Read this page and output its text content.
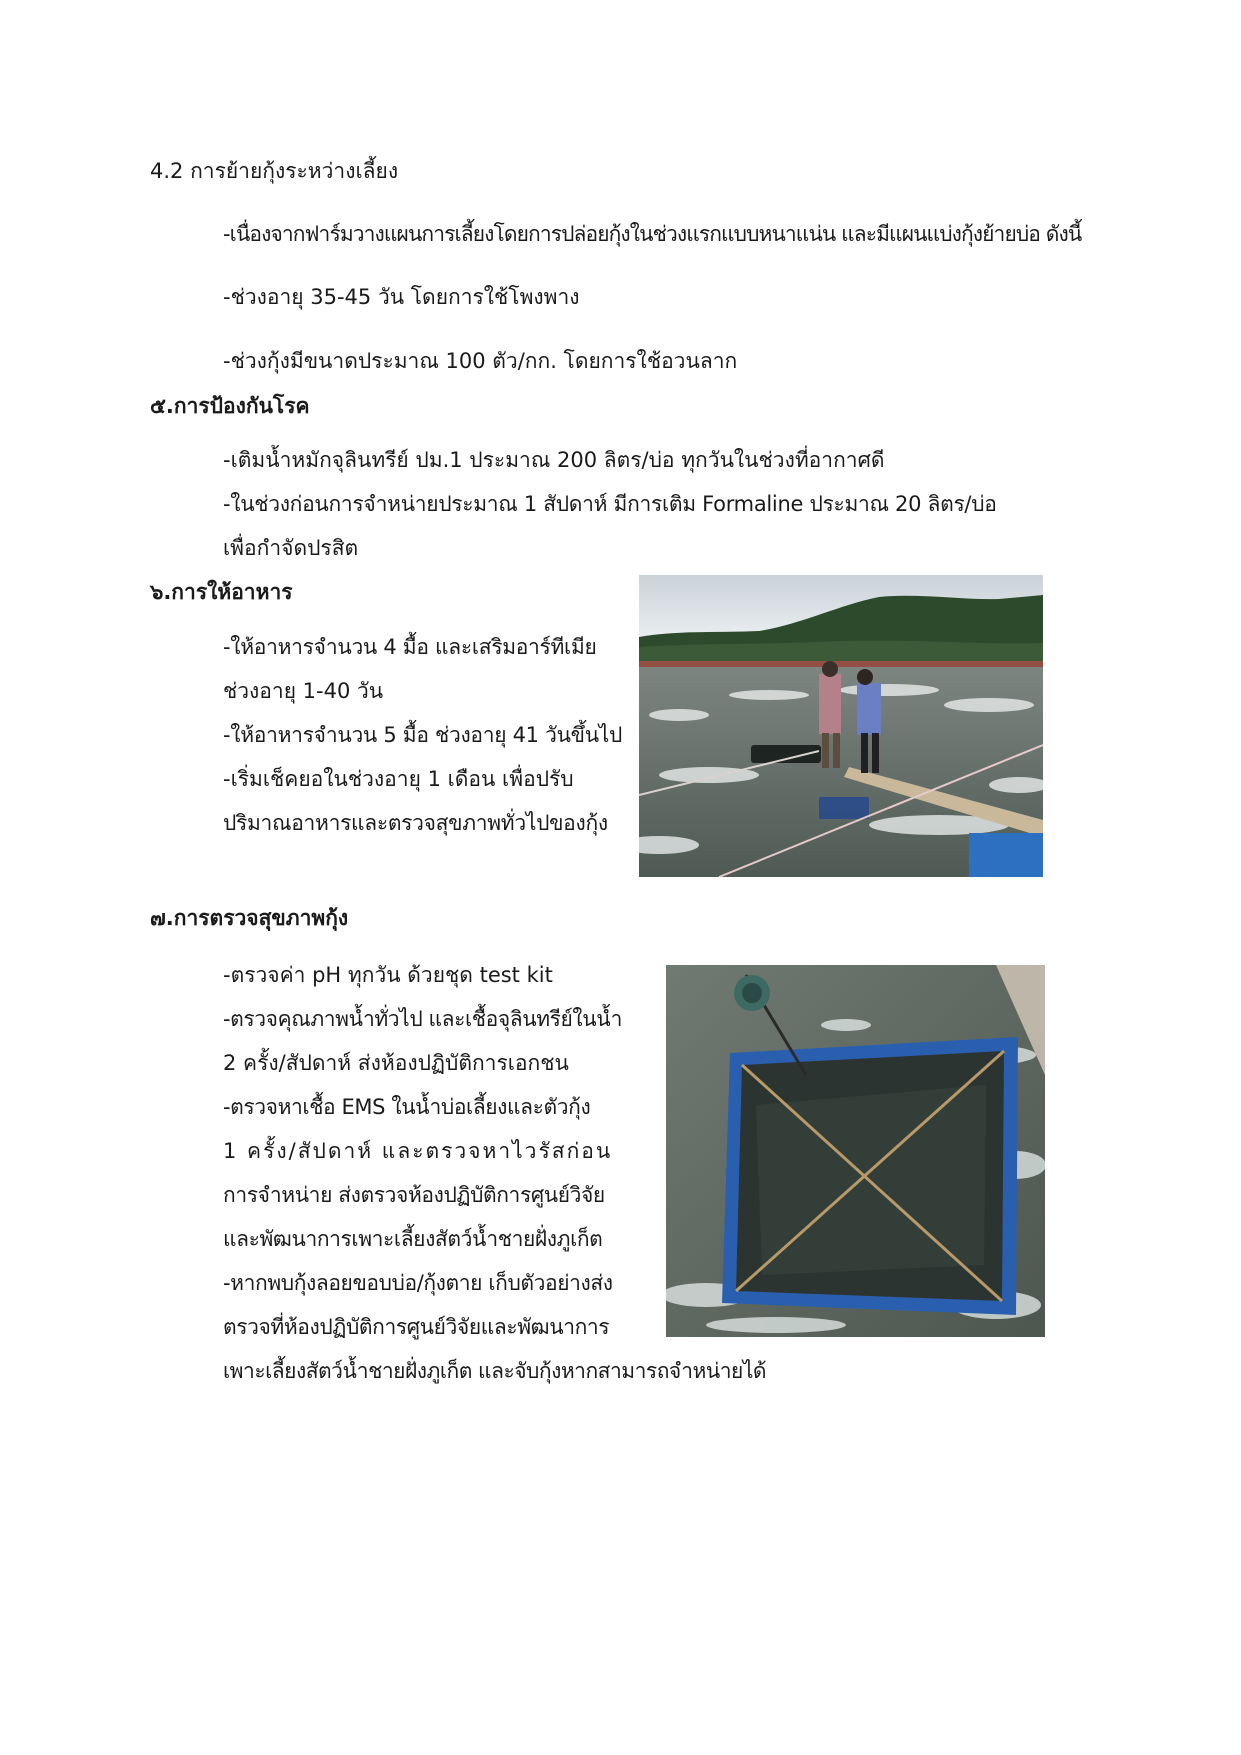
4.2 การย้ายกุ้งระหว่างเลี้ยง
-เนื่องจากฟาร์มวางแผนการเลี้ยงโดยการปล่อยกุ้งในช่วงแรกแบบหนาแน่น และมีแผนแบ่งกุ้งย้ายบ่อ ดังนี้
-ช่วงอายุ 35-45 วัน โดยการใช้โพงพาง
-ช่วงกุ้งมีขนาดประมาณ 100 ตัว/กก. โดยการใช้อวนลาก
๕.การป้องกันโรค
-เติมน้ำหมักจุลินทรีย์ ปม.1 ประมาณ 200 ลิตร/บ่อ ทุกวันในช่วงที่อากาศดี
-ในช่วงก่อนการจำหน่ายประมาณ 1 สัปดาห์ มีการเติม Formaline ประมาณ 20 ลิตร/บ่อ
เพื่อกำจัดปรสิต
๖.การให้อาหาร
-ให้อาหารจำนวน 4 มื้อ และเสริมอาร์ทีเมีย
ช่วงอายุ 1-40 วัน
-ให้อาหารจำนวน 5 มื้อ ช่วงอายุ 41 วันขึ้นไป
-เริ่มเช็คยอในช่วงอายุ 1 เดือน เพื่อปรับ
ปริมาณอาหารและตรวจสุขภาพทั่วไปของกุ้ง
๗.การตรวจสุขภาพกุ้ง
-ตรวจค่า pH ทุกวัน ด้วยชุด test kit
-ตรวจคุณภาพน้ำทั่วไป และเชื้อจุลินทรีย์ในน้ำ
2 ครั้ง/สัปดาห์ ส่งห้องปฏิบัติการเอกชน
-ตรวจหาเชื้อ EMS ในน้ำบ่อเลี้ยงและตัวกุ้ง
1 ครั้ง/สัปดาห์ และตรวจหาไวรัสก่อน
การจำหน่าย ส่งตรวจห้องปฏิบัติการศูนย์วิจัย
และพัฒนาการเพาะเลี้ยงสัตว์น้ำชายฝั่งภูเก็ต
-หากพบกุ้งลอยขอบบ่อ/กุ้งตาย เก็บตัวอย่างส่ง
ตรวจที่ห้องปฏิบัติการศูนย์วิจัยและพัฒนาการ
เพาะเลี้ยงสัตว์น้ำชายฝั่งภูเก็ต และจับกุ้งหากสามารถจำหน่ายได้
